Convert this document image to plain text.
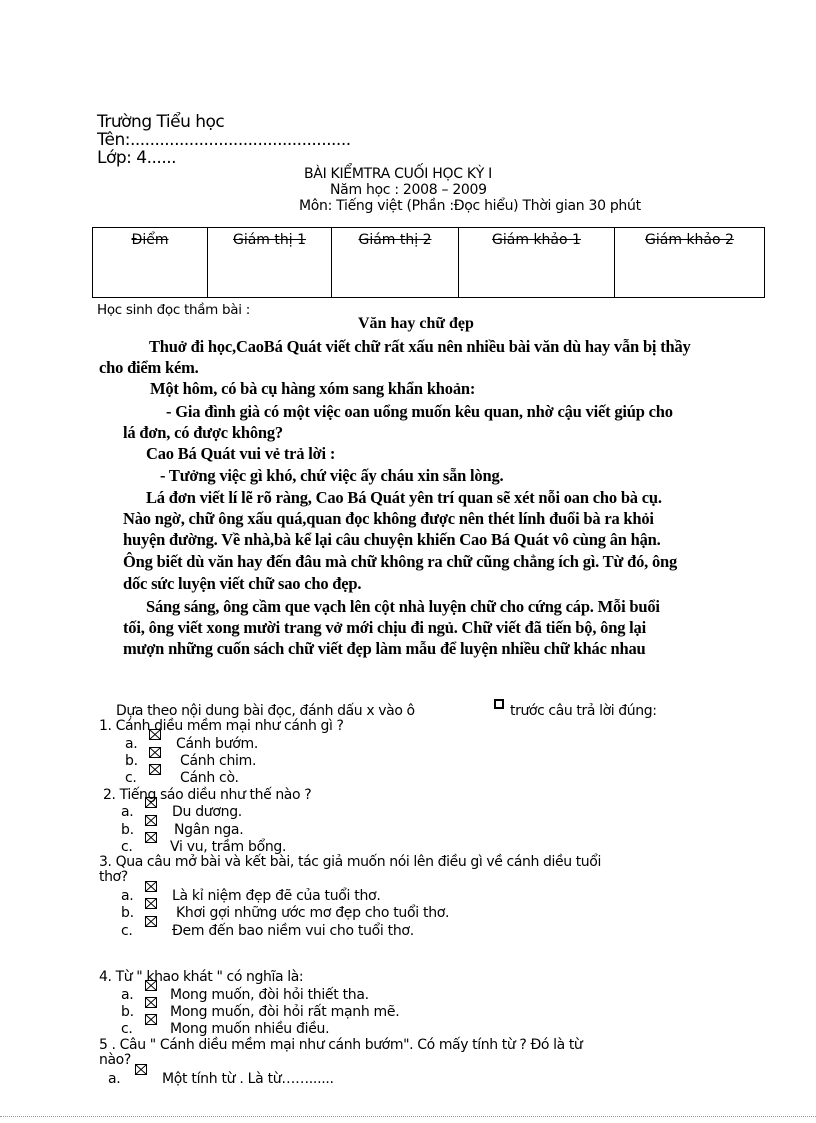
Trường Tiểu học
Tên:.............................................
Lớp: 4......
BÀI KIỂMTRA CUỐI HỌC KỲ I
Năm học : 2008 – 2009
Môn: Tiếng việt (Phần :Đọc hiểu) Thời gian 30 phút
Điểm	Giám thị 1	Giám thị 2	Giám khảo 1	Giám khảo 2
Học sinh đọc thầm bài :
Văn hay chữ đẹp
Thuở đi học,CaoBá Quát viết chữ rất xấu nên nhiều bài văn dù hay vẫn bị thầy
cho điểm kém.
Một hôm, có bà cụ hàng xóm sang khẩn khoản:
- Gia đình già có một việc oan uổng muốn kêu quan, nhờ cậu viết giúp cho
lá đơn, có được không?
Cao Bá Quát vui vẻ trả lời :
- Tưởng việc gì khó, chứ việc ấy cháu xin sẵn lòng.
Lá đơn viết lí lẽ rõ ràng, Cao Bá Quát yên trí quan sẽ xét nỗi oan cho bà cụ.
Nào ngờ, chữ ông xấu quá,quan đọc không được nên thét lính đuổi bà ra khỏi
huyện đường. Về nhà,bà kể lại câu chuyện khiến Cao Bá Quát vô cùng ân hận.
Ông biết dù văn hay đến đâu mà chữ không ra chữ cũng chẳng ích gì. Từ đó, ông
dốc sức luyện viết chữ sao cho đẹp.
Sáng sáng, ông cầm que vạch lên cột nhà luyện chữ cho cứng cáp. Mỗi buổi
tối, ông viết xong mười trang vở mới chịu đi ngủ. Chữ viết đã tiến bộ, ông lại
mượn những cuốn sách chữ viết đẹp làm mẫu để luyện nhiều chữ khác nhau
Dựa theo nội dung bài đọc, đánh dấu x vào ô	trước câu trả lời đúng:
1. Cánh diều mềm mại như cánh gì ?
a.	Cánh bướm.
b.	Cánh chim.
c.	Cánh cò.
2. Tiếng sáo diều như thế nào ?
a.	Du dương.
b.	Ngân nga.
c.	Vi vu, trầm bổng.
3. Qua câu mở bài và kết bài, tác giả muốn nói lên điều gì về cánh diều tuổi
thơ?
a.	Là kỉ niệm đẹp đẽ của tuổi thơ.
b.	Khơi gợi những ước mơ đẹp cho tuổi thơ.
c.	Đem đến bao niềm vui cho tuổi thơ.
4. Từ " khao khát " có nghĩa là:
a.	Mong muốn, đòi hỏi thiết tha.
b.	Mong muốn, đòi hỏi rất mạnh mẽ.
c.	Mong muốn nhiều điều.
5 . Câu " Cánh diều mềm mại như cánh bướm". Có mấy tính từ ? Đó là từ
nào?
a.	Một tính từ . Là từ……......
